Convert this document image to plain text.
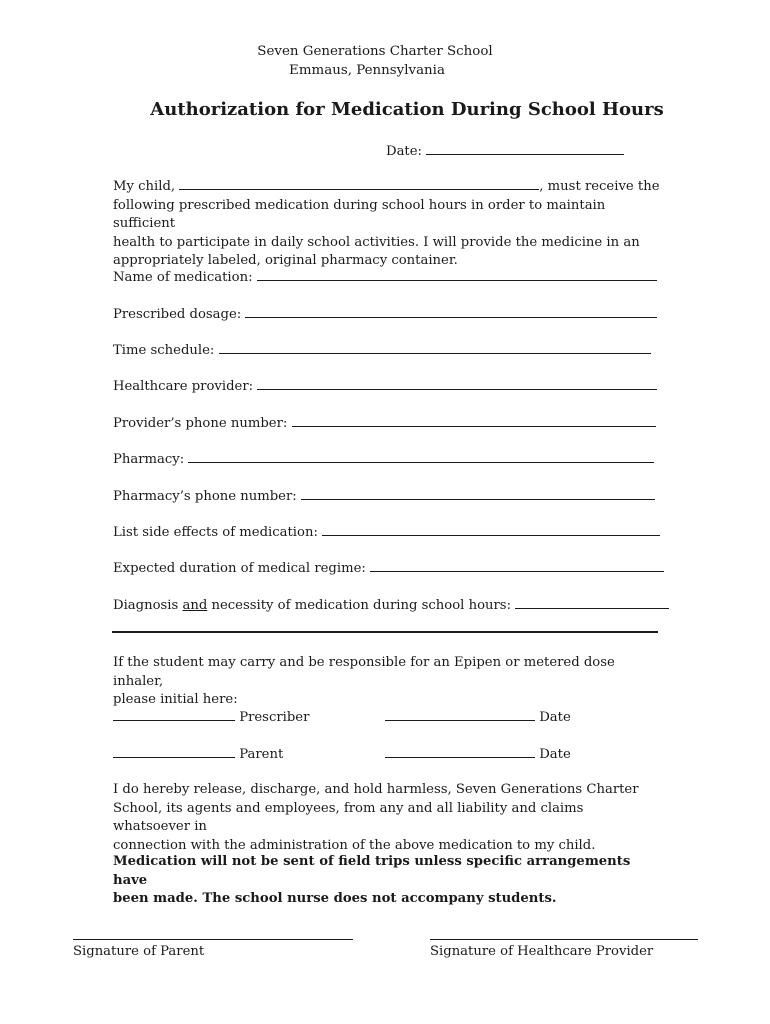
Seven Generations Charter School
Emmaus, Pennsylvania
Authorization for Medication During School Hours
Date:
My child,	, must receive the
following prescribed medication during school hours in order to maintain sufficient
health to participate in daily school activities. I will provide the medicine in an
appropriately labeled, original pharmacy container.
Name of medication:
Prescribed dosage:
Time schedule:
Healthcare provider:
Provider’s phone number:
Pharmacy:
Pharmacy’s phone number:
List side effects of medication:
Expected duration of medical regime:
Diagnosis and necessity of medication during school hours:
If the student may carry and be responsible for an Epipen or metered dose inhaler,
please initial here:
Prescriber	Date
Parent	Date
I do hereby release, discharge, and hold harmless, Seven Generations Charter
School, its agents and employees, from any and all liability and claims whatsoever in
connection with the administration of the above medication to my child.
Medication will not be sent of field trips unless specific arrangements have
been made. The school nurse does not accompany students.
Signature of Parent	Signature of Healthcare Provider
